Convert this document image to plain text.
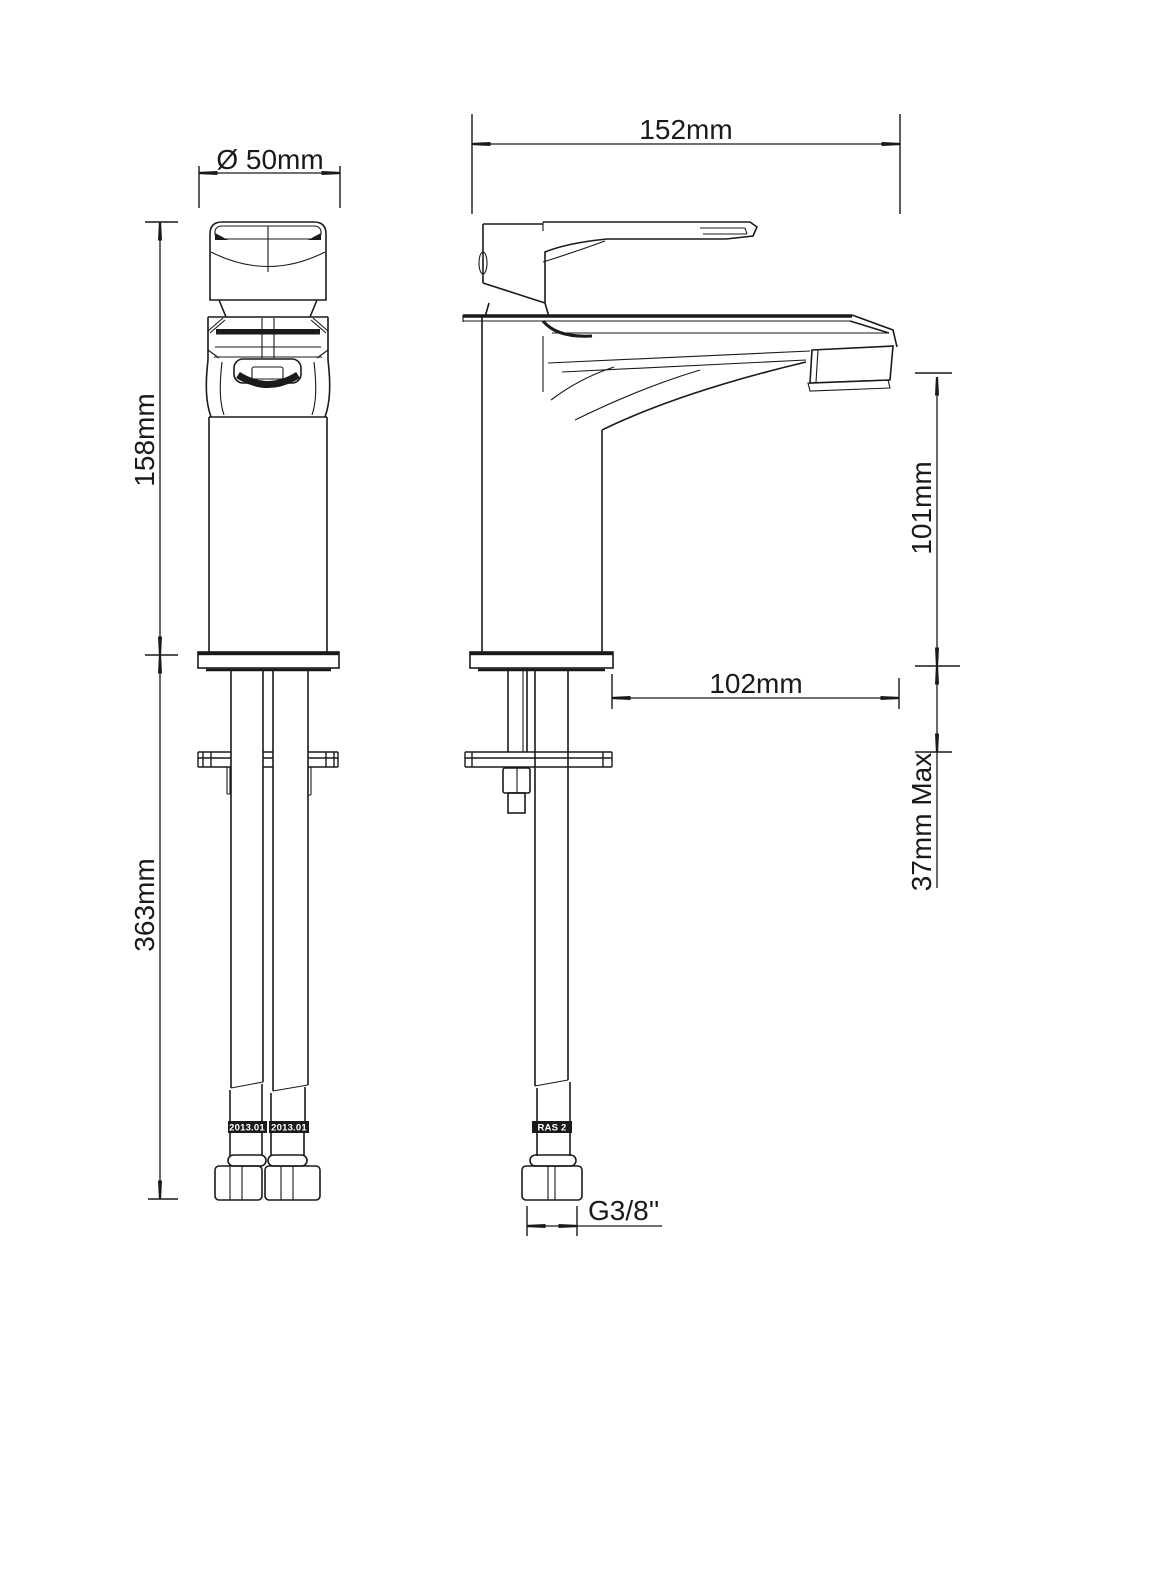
2013.01 2013.01	RAS 2
Ø 50mm
152mm
158mm
363mm
101mm
37mm Max
102mm
G3/8''
